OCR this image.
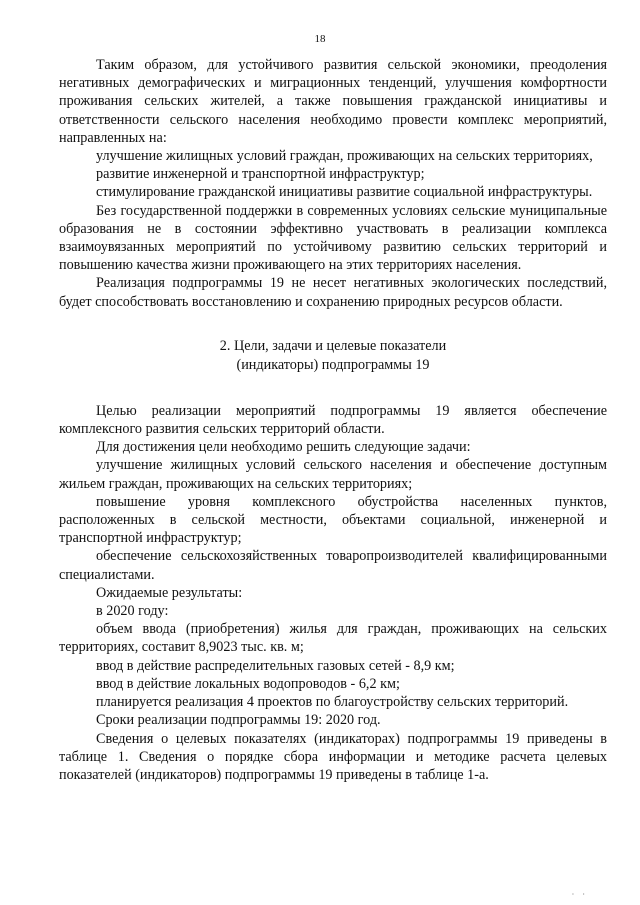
18

Таким образом, для устойчивого развития сельской экономики, преодоления негативных демографических и миграционных тенденций, улучшения комфортности проживания сельских жителей, а также повышения гражданской инициативы и ответственности сельского населения необходимо провести комплекс мероприятий, направленных на:

улучшение жилищных условий граждан, проживающих на сельских территориях,

развитие инженерной и транспортной инфраструктур;

стимулирование гражданской инициативы развитие социальной инфраструктуры.

Без государственной поддержки в современных условиях сельские муниципальные образования не в состоянии эффективно участвовать в реализации комплекса взаимоувязанных мероприятий по устойчивому развитию сельских территорий и повышению качества жизни проживающего на этих территориях населения.

Реализация подпрограммы 19 не несет негативных экологических последствий, будет способствовать восстановлению и сохранению природных ресурсов области.

2. Цели, задачи и целевые показатели
(индикаторы) подпрограммы 19

Целью реализации мероприятий подпрограммы 19 является обеспечение комплексного развития сельских территорий области.

Для достижения цели необходимо решить следующие задачи:

улучшение жилищных условий сельского населения и обеспечение доступным жильем граждан, проживающих на сельских территориях;

повышение уровня комплексного обустройства населенных пунктов, расположенных в сельской местности, объектами социальной, инженерной и транспортной инфраструктур;

обеспечение сельскохозяйственных товаропроизводителей квалифицированными специалистами.

Ожидаемые результаты:

в 2020 году:

объем ввода (приобретения) жилья для граждан, проживающих на сельских территориях, составит 8,9023 тыс. кв. м;

ввод в действие распределительных газовых сетей - 8,9 км;

ввод в действие локальных водопроводов - 6,2 км;

планируется реализация 4 проектов по благоустройству сельских территорий.

Сроки реализации подпрограммы 19: 2020 год.

Сведения о целевых показателях (индикаторах) подпрограммы 19 приведены в таблице 1. Сведения о порядке сбора информации и методике расчета целевых показателей (индикаторов) подпрограммы 19 приведены в таблице 1-а.

· ·
